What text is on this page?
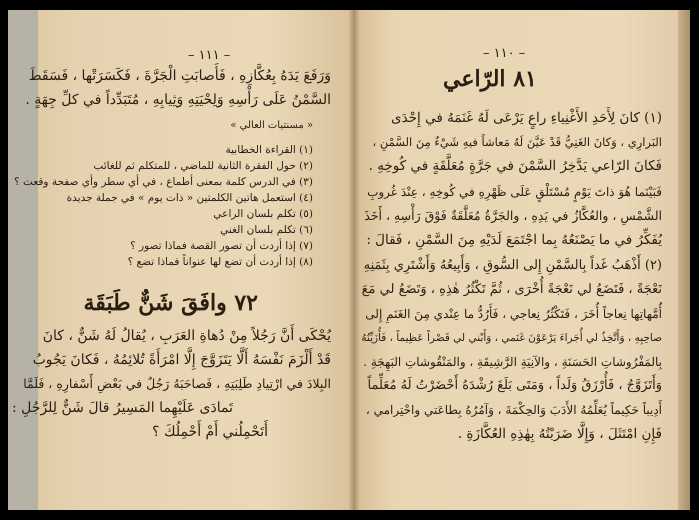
– ١١١ –
وَرَفَعَ يَدَهُ بِعُكَّازِهِ ، فَأَصابَتِ الْجَرَّةَ ، فَكَسَرَتْها ، فَسَقَطَ
السَّمْنُ عَلَى رَأْسِهِ وَلِحْيَتِهِ وَثِيابِهِ ، مُتَبَدِّداً في كلِّ جِهَةٍ .
« مسنتيات العالي »
(١) القراءة الخطابية
(٢) حول الفقرة الثانية للماضي ، للمتكلم ثم للغائب
(٣) في الدرس كلمة بمعنى أطماع ، في أي سطر وأي صفحة وقعت ؟
(٤) استعمل هاتين الكلمتين « ذات يوم » في جملة جديدة
(٥) تكلم بلسان الراعي
(٦) تكلم بلسان الغني
(٧) إذا أردت أن تصور القصة فماذا تصور ؟
(٨) إذا أردت أن تضع لها عنواناً فماذا تضع ؟
٧٢ وافَقَ شَنٌّ طَبَقَة
يُحْكَى أَنَّ رَجُلاً مِنْ دُهاةِ العَرَبِ ، يُقالُ لَهُ شَنٌّ ، كانَ
قَدْ أَلْزَمَ نَفْسَهُ أَلَّا يَتَزَوَّجَ إِلَّا امْرَأَةً تُلائِمُهُ ، فَكانَ يَجُوبُ
البِلادَ في ارْتِيادِ طَلِبَتِهِ ، فَصاحَبَهُ رَجُلٌ في بَعْضِ أَسْفارِهِ ، فَلَمَّا
تَمادَى عَلَيْهِما المَسِيرُ قالَ شَنٌّ لِلرَّجُلِ :
أَتَحْمِلُني أَمْ أَحْمِلُكَ ؟
– ١١٠ –
٨١ الرّاعي
(١) كانَ لِأَحَدِ الأَغْنِياءِ راعٍ يَرْعَى لَهُ غَنَمَهُ في إِحْدَى
البَرارِي ، وَكانَ الغَنِيُّ قَدْ عَيَّنَ لَهُ مَعاشاً فيهِ شَيْءٌ مِنَ السَّمْنِ ،
فَكانَ الرّاعي يَدَّخِرُ السَّمْنَ في جَرَّةٍ مُعَلَّقَةٍ في كُوخِهِ .
فَبَيْنَما هُوَ ذاتَ يَوْمٍ مُسْتَلْقٍ عَلَى ظَهْرِهِ في كُوخِهِ ، عِنْدَ غُروبِ
الشَّمْسِ ، والعُكَّازُ في يَدِهِ ، والجَرَّةُ مُعَلَّقَةٌ فَوْقَ رَأْسِهِ ، أَخَذَ
يُفَكِّرُ في ما يَصْنَعُهُ بِما اجْتَمَعَ لَدَيْهِ مِنَ السَّمْنِ ، فَقالَ :
(٢) أَذْهَبُ غَداً بِالسَّمْنِ إِلى السُّوقِ ، وَأَبِيعُهُ وَأَشْتَرِي بِثَمَنِهِ
نَعْجَةً ، فَتَضَعُ لي نَعْجَةً أُخْرَى ، ثُمَّ تَكْثُرُ هٰذِهِ ، وَتَضَعُ لي مَعَ
أُمَّهاتِها نِعاجاً أُخَرَ ، فَتَكْثُرُ نِعاجي ، فَأَرُدُّ ما عِنْدي مِنَ الغَنَمِ إِلى
صاحِبِهِ ، وَأَتَّخِذُ لي أُجَراءَ يَرْعَوْنَ غَنَمي ، وَأَبْني لي قَصْراً عَظِيماً ، فَأُزَيِّنُهُ
بِالمَفْرُوشاتِ الحَسَنَةِ ، والآنِيَةِ الرَّشِيقَةِ ، والمَنْقُوشاتِ البَهِجَةِ .
وَأَتَزَوَّجُ ، فَأُرْزَقُ وَلَداً ، وَمَتَى بَلَغَ رُشْدَهُ أَحْضَرْتُ لَهُ مُعَلِّماً
أَدِيباً حَكِيماً يُعَلِّمُهُ الأَدَبَ وَالحِكْمَةَ ، وَآمُرُهُ بِطاعَتي واحْتِرامي ،
فَإِنِ امْتَثَلَ ، وَإِلَّا ضَرَبْتُهُ بِهٰذِهِ العُكَّازَةِ .
